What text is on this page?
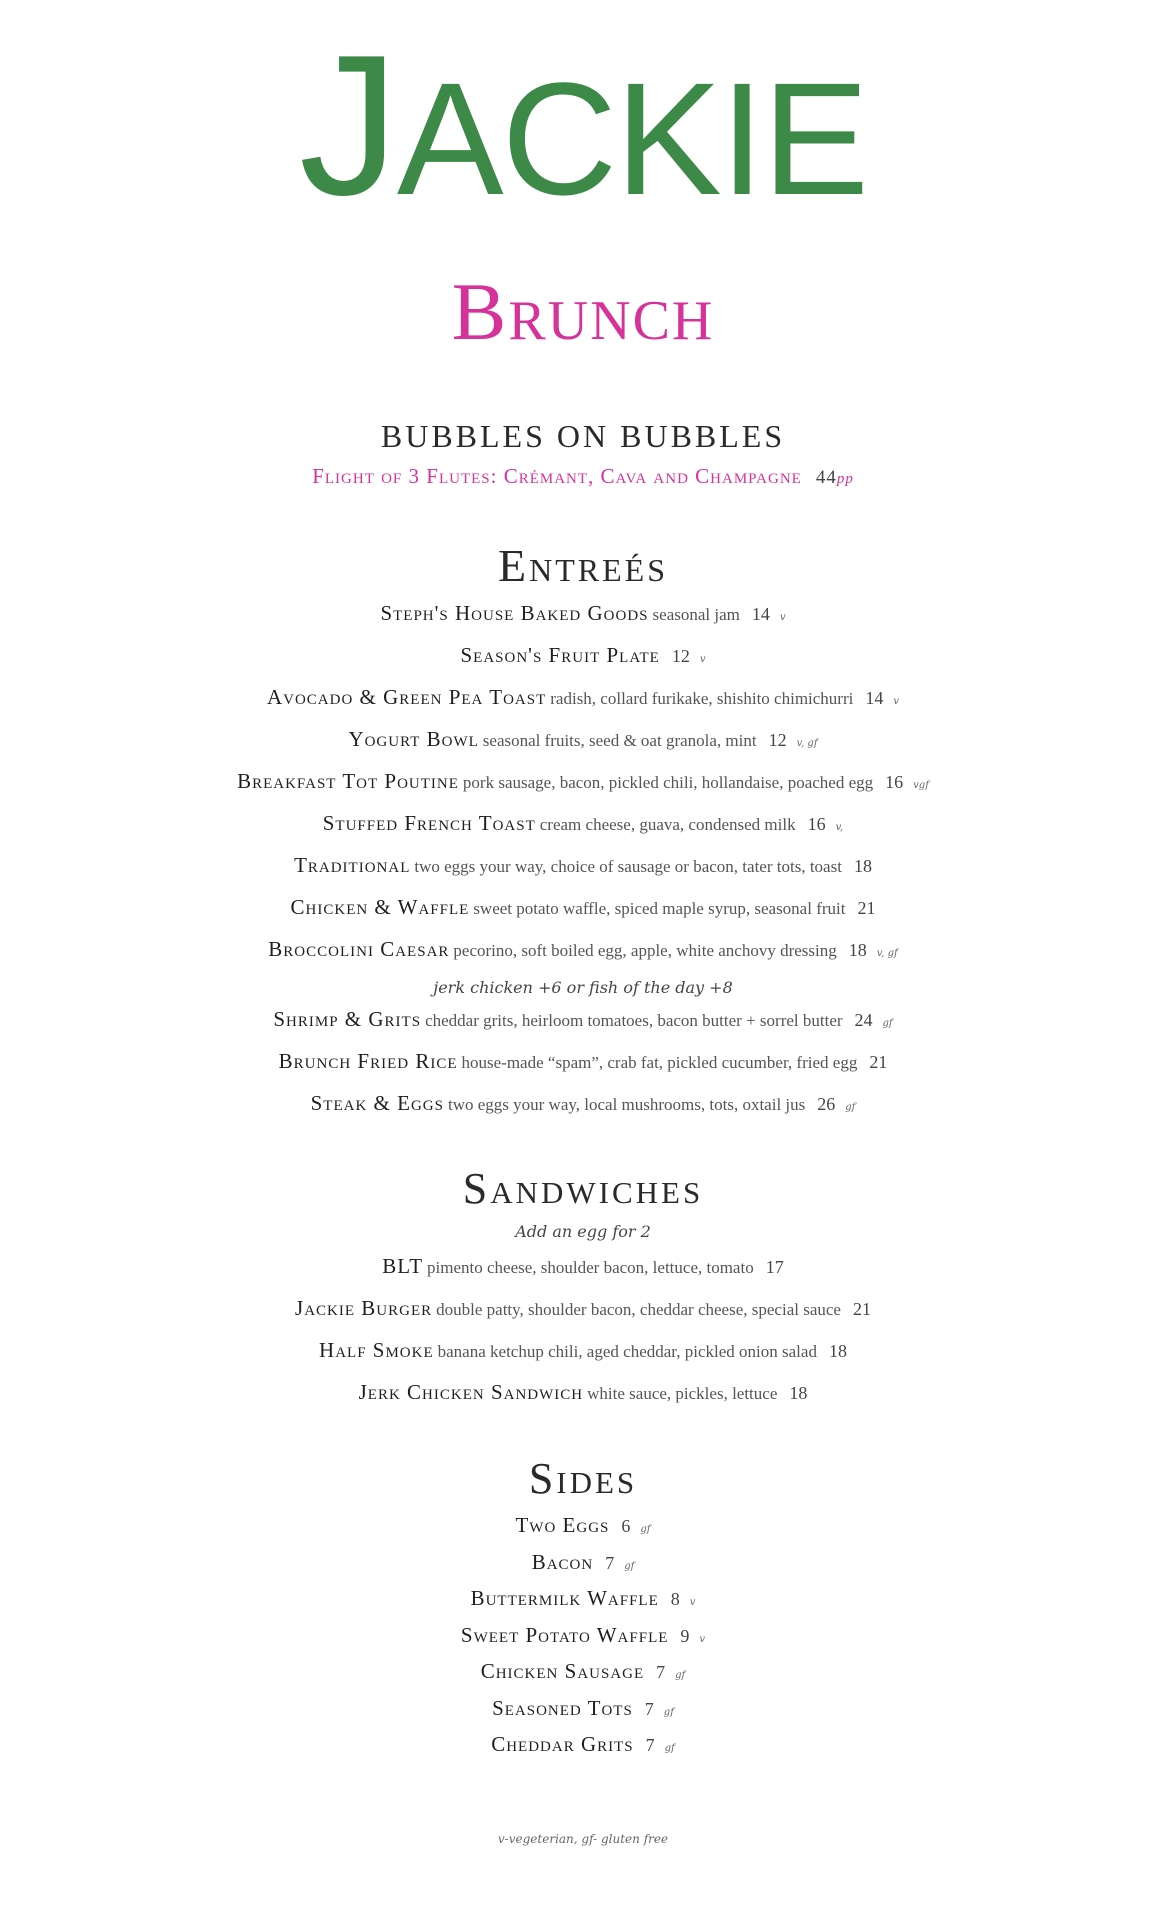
JACKIE
BRUNCH
BUBBLES ON BUBBLES
Flight of 3 Flutes: Crémant, Cava and Champagne 44pp
Entreés
Steph's House Baked Goods seasonal jam 14 v
Season's Fruit Plate 12 v
Avocado & Green Pea Toast radish, collard furikake, shishito chimichurri 14 v
Yogurt Bowl seasonal fruits, seed & oat granola, mint 12 v, gf
Breakfast Tot Poutine pork sausage, bacon, pickled chili, hollandaise, poached egg 16 vgf
Stuffed French Toast cream cheese, guava, condensed milk 16 v,
Traditional two eggs your way, choice of sausage or bacon, tater tots, toast 18
Chicken & Waffle sweet potato waffle, spiced maple syrup, seasonal fruit 21
Broccolini Caesar pecorino, soft boiled egg, apple, white anchovy dressing 18 v, gf
jerk chicken +6 or fish of the day +8
Shrimp & Grits cheddar grits, heirloom tomatoes, bacon butter + sorrel butter 24 gf
Brunch Fried Rice house-made “spam”, crab fat, pickled cucumber, fried egg 21
Steak & Eggs two eggs your way, local mushrooms, tots, oxtail jus 26 gf
Sandwiches
Add an egg for 2
BLT pimento cheese, shoulder bacon, lettuce, tomato 17
Jackie Burger double patty, shoulder bacon, cheddar cheese, special sauce 21
Half Smoke banana ketchup chili, aged cheddar, pickled onion salad 18
Jerk Chicken Sandwich white sauce, pickles, lettuce 18
Sides
Two Eggs 6 gf
Bacon 7 gf
Buttermilk Waffle 8 v
Sweet Potato Waffle 9 v
Chicken Sausage 7 gf
Seasoned Tots 7 gf
Cheddar Grits 7 gf
v-vegeterian, gf- gluten free
